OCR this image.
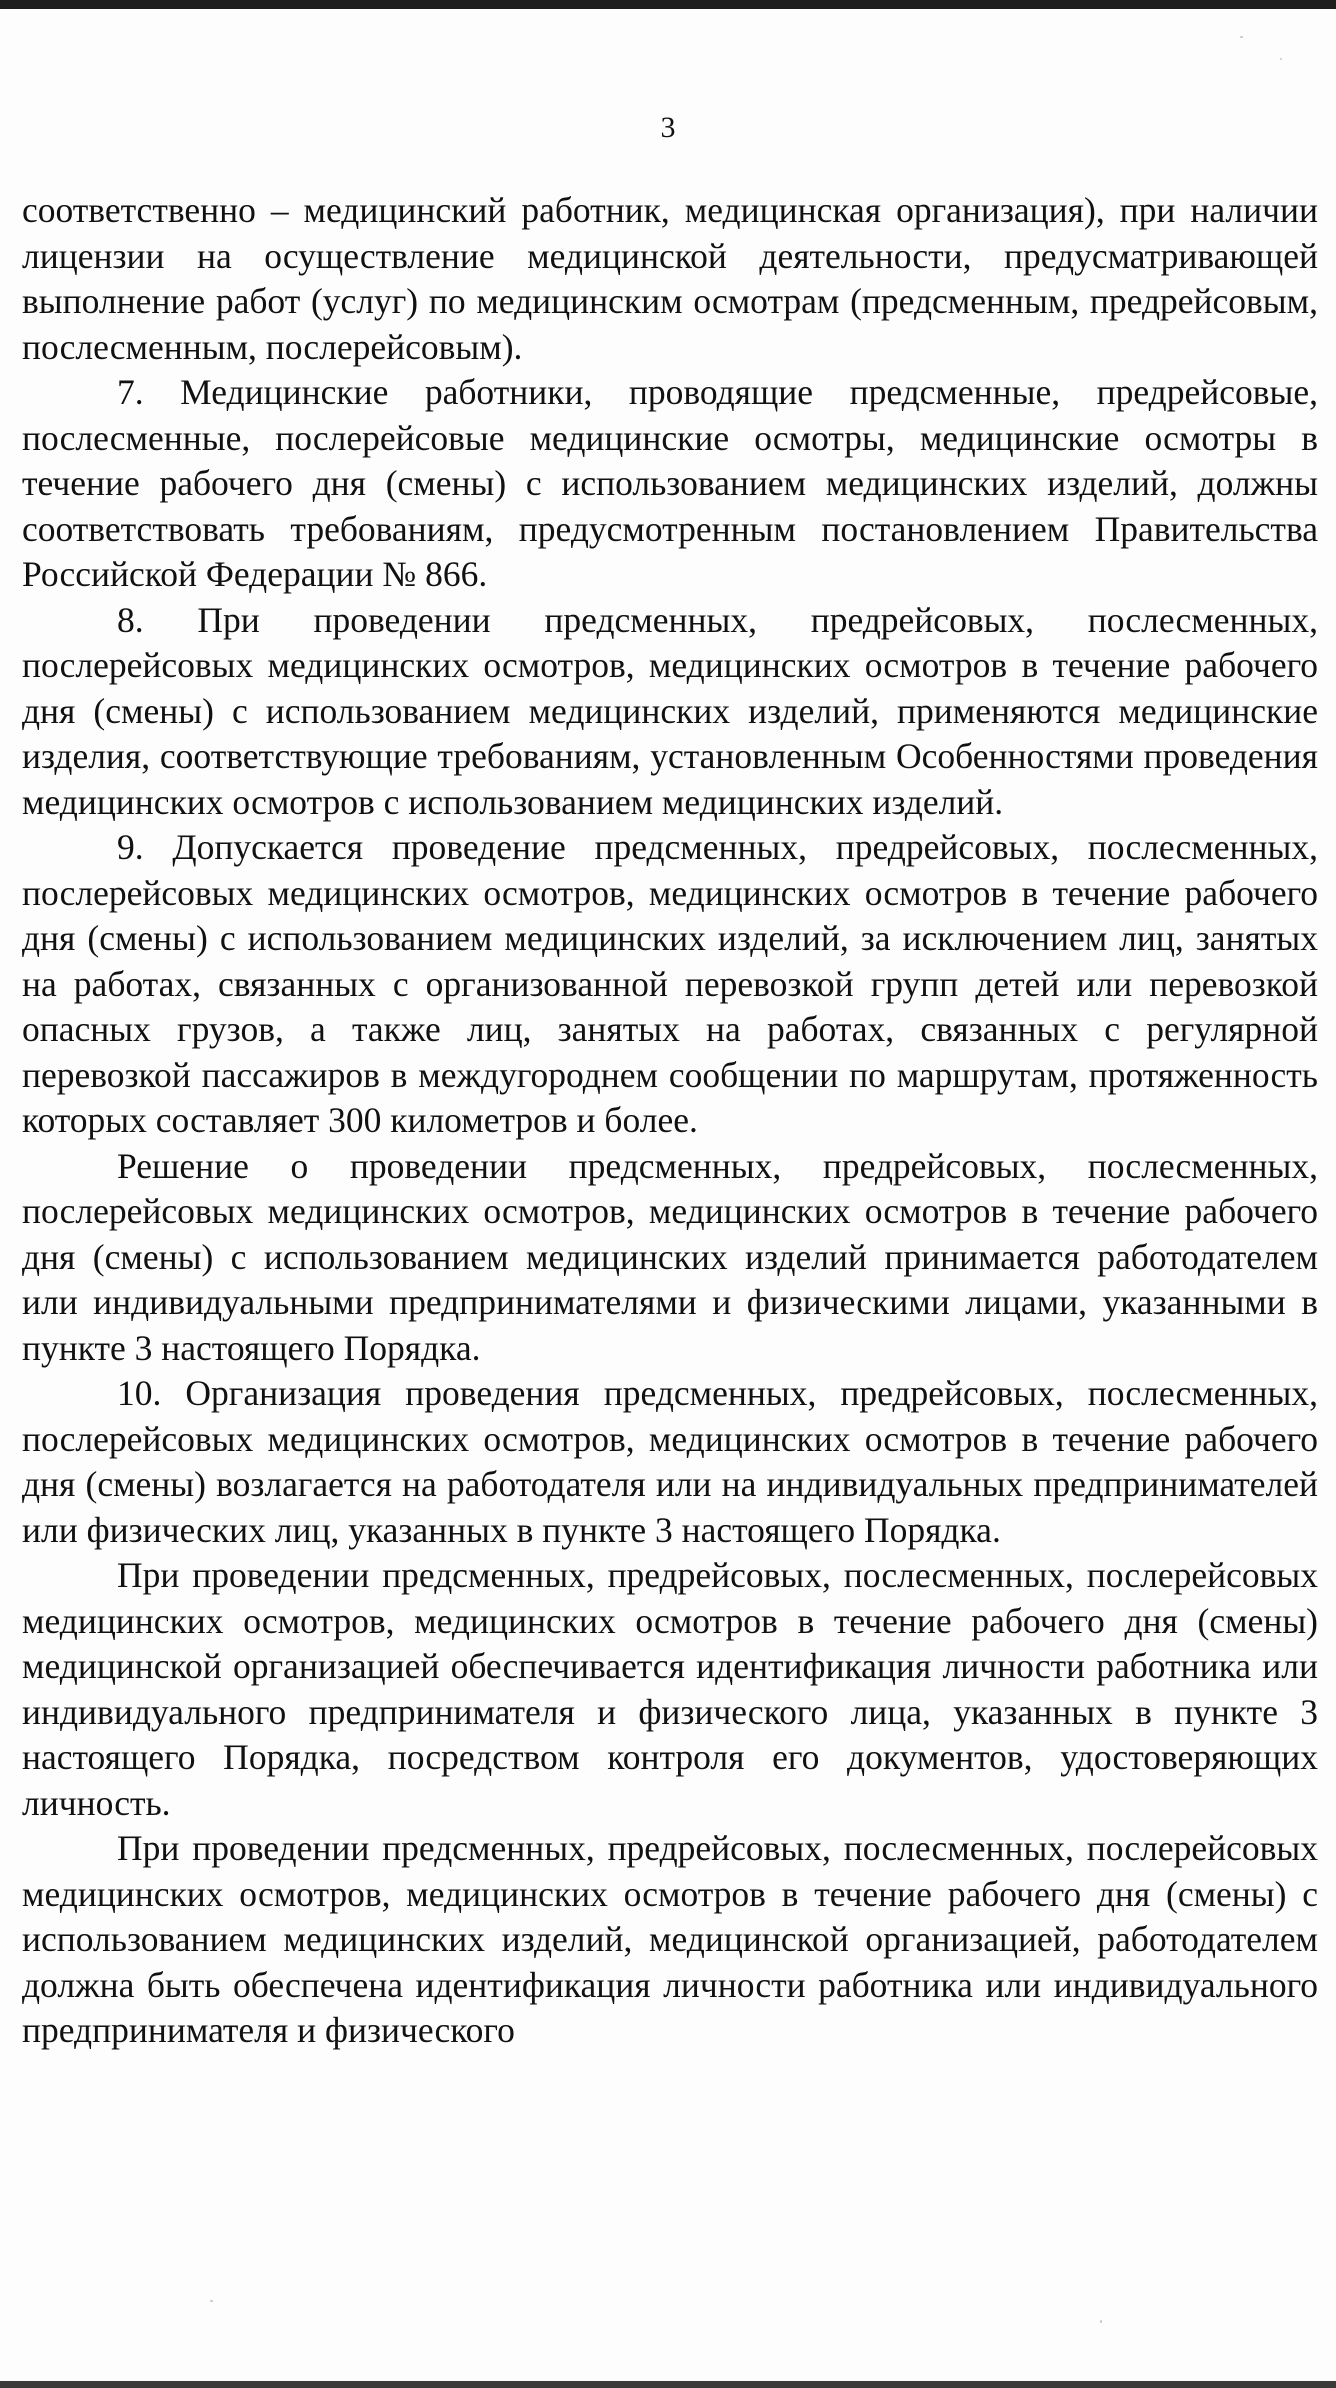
3

соответственно – медицинский работник, медицинская организация), при наличии лицензии на осуществление медицинской деятельности, предусматривающей выполнение работ (услуг) по медицинским осмотрам (предсменным, предрейсовым, послесменным, послерейсовым).

7. Медицинские работники, проводящие предсменные, предрейсовые, послесменные, послерейсовые медицинские осмотры, медицинские осмотры в течение рабочего дня (смены) с использованием медицинских изделий, должны соответствовать требованиям, предусмотренным постановлением Правительства Российской Федерации № 866.

8. При проведении предсменных, предрейсовых, послесменных, послерейсовых медицинских осмотров, медицинских осмотров в течение рабочего дня (смены) с использованием медицинских изделий, применяются медицинские изделия, соответствующие требованиям, установленным Особенностями проведения медицинских осмотров с использованием медицинских изделий.

9. Допускается проведение предсменных, предрейсовых, послесменных, послерейсовых медицинских осмотров, медицинских осмотров в течение рабочего дня (смены) с использованием медицинских изделий, за исключением лиц, занятых на работах, связанных с организованной перевозкой групп детей или перевозкой опасных грузов, а также лиц, занятых на работах, связанных с регулярной перевозкой пассажиров в междугороднем сообщении по маршрутам, протяженность которых составляет 300 километров и более.

Решение о проведении предсменных, предрейсовых, послесменных, послерейсовых медицинских осмотров, медицинских осмотров в течение рабочего дня (смены) с использованием медицинских изделий принимается работодателем или индивидуальными предпринимателями и физическими лицами, указанными в пункте 3 настоящего Порядка.

10. Организация проведения предсменных, предрейсовых, послесменных, послерейсовых медицинских осмотров, медицинских осмотров в течение рабочего дня (смены) возлагается на работодателя или на индивидуальных предпринимателей или физических лиц, указанных в пункте 3 настоящего Порядка.

При проведении предсменных, предрейсовых, послесменных, послерейсовых медицинских осмотров, медицинских осмотров в течение рабочего дня (смены) медицинской организацией обеспечивается идентификация личности работника или индивидуального предпринимателя и физического лица, указанных в пункте 3 настоящего Порядка, посредством контроля его документов, удостоверяющих личность.

При проведении предсменных, предрейсовых, послесменных, послерейсовых медицинских осмотров, медицинских осмотров в течение рабочего дня (смены) с использованием медицинских изделий, медицинской организацией, работодателем должна быть обеспечена идентификация личности работника или индивидуального предпринимателя и физического
